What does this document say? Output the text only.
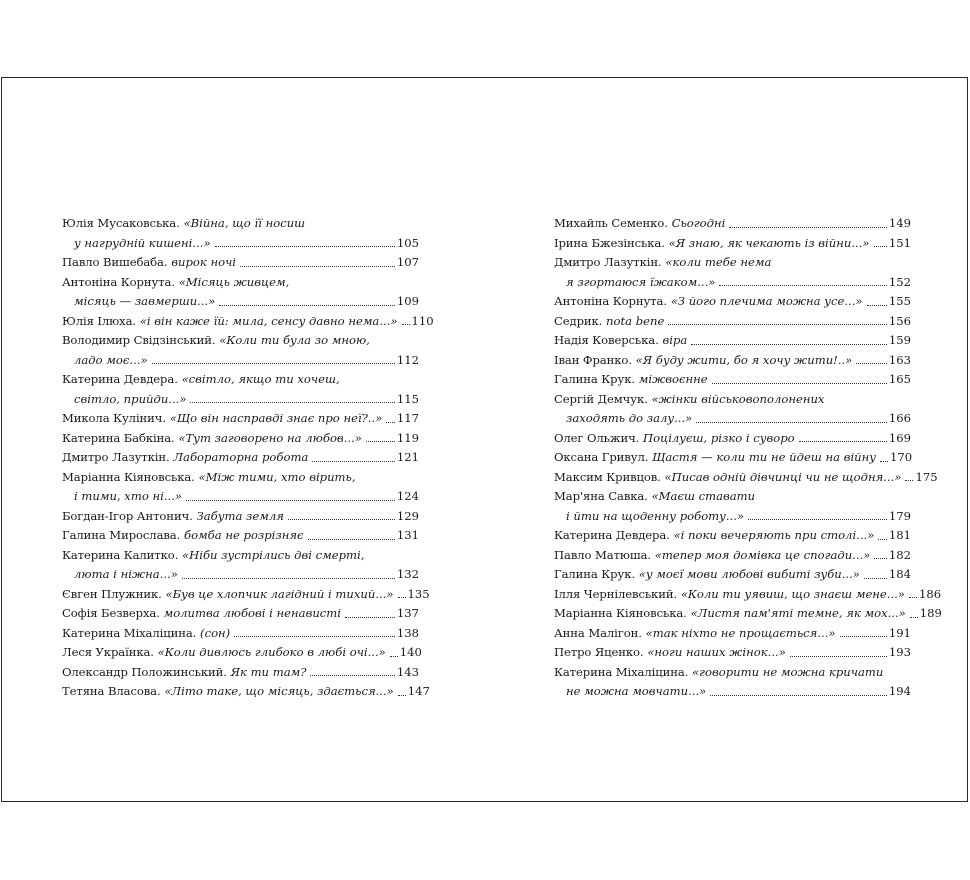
Юлія Мусаковська . «Війна, що її носиш
у нагрудній кишені...»	105
Павло Вишебаба . вирок ночі	107
Антоніна Корнута . «Місяць живцем,
місяць — завмерши...»	109
Юлія Ілюха . «і він каже їй: мила, сенсу давно нема...» 110
Володимир Свідзінський . «Коли ти була зо мною,
ладо моє...»	112
Катерина Девдера . «світло, якщо ти хочеш,
світло, прийди...»	115
Микола Кулінич . «Що він насправді знає про неї?..» 117
Катерина Бабкіна . «Тут заговорено на любов...»	119
Дмитро Лазуткін . Лабораторна робота	121
Маріанна Кіяновська . «Між тими, хто вірить,
і тими, хто ні...»	124
Богдан-Ігор Антонич . Забута земля	129
Галина Мирослава . бомба не розрізняє	131
Катерина Калитко . «Ніби зустрілись дві смерті,
люта і ніжна...»	132
Євген Плужник . «Був це хлопчик лагідний і тихий...» 135
Софія Безверха . молитва любові і ненависті	137
Катерина Міхаліцина . (сон)	138
Леся Українка . «Коли дивлюсь глибоко в любі очі...» 140
Олександр Положинський . Як ти там?	143
Тетяна Власова . «Літо таке, що місяць, здається...» 147
Михайль Семенко . Сьогодні	149
Ірина Бжезінська . «Я знаю, як чекають із війни...» 151
Дмитро Лазуткін . «коли тебе нема
я згортаюся їжаком...»	152
Антоніна Корнута . «З його плечима можна усе...» 155
Седрик . nota bene	156
Надія Коверська . віра	159
Іван Франко . «Я буду жити, бо я хочу жити!..»	163
Галина Крук . міжвоєнне	165
Сергій Демчук . «жінки військовополонених
заходять до залу...»	166
Олег Ольжич . Поцілуєш, різко і суворо	169
Оксана Гривул . Щастя — коли ти не йдеш на війну 170
Максим Кривцов . «Писав одній дівчинці чи не щодня...» 175
Мар'яна Савка . «Маєш ставати
і йти на щоденну роботу...»	179
Катерина Девдера . «і поки вечеряють при столі...» 181
Павло Матюша . «тепер моя домівка це спогади...» 182
Галина Крук . «у моєї мови любові вибиті зуби...» 184
Ілля Чернілевський . «Коли ти уявиш, що знаєш мене...» 186
Маріанна Кіяновська . «Листя пам'яті темне, як мох...» 189
Анна Малігон . «так ніхто не прощається...»	191
Петро Яценко . «ноги наших жінок...»	193
Катерина Міхаліцина . «говорити не можна кричати
не можна мовчати...»	194
